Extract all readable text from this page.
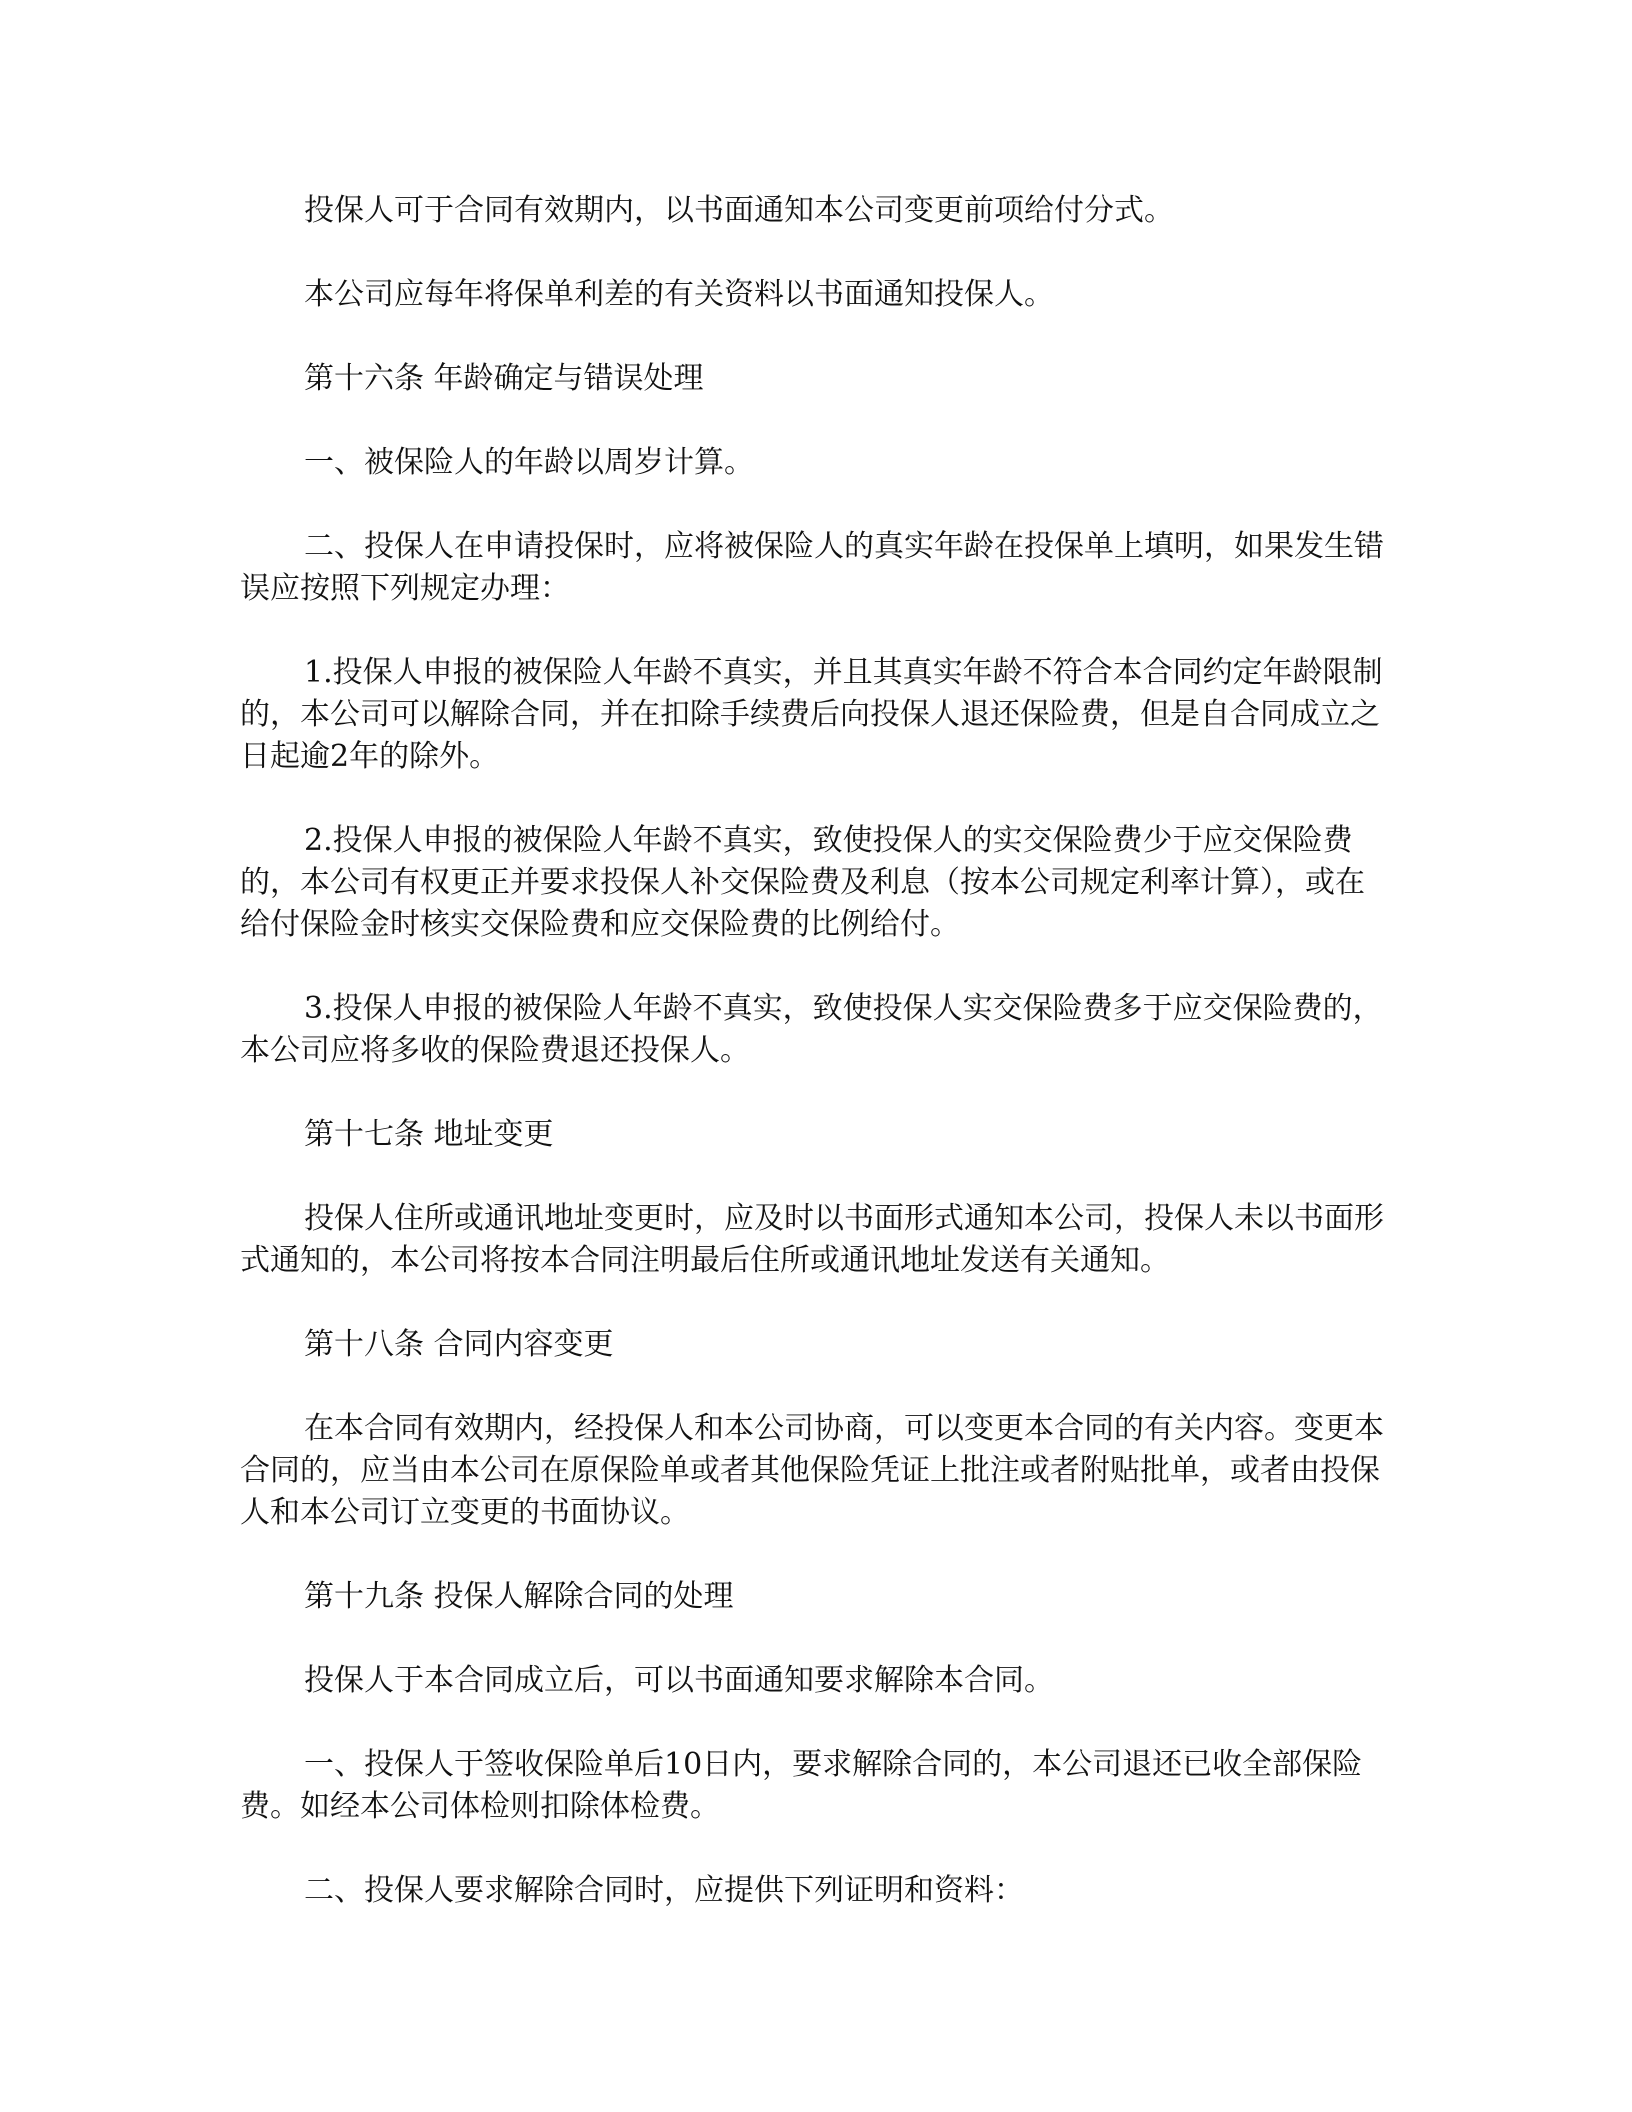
投保人可于合同有效期内，以书面通知本公司变更前项给付分式。

本公司应每年将保单利差的有关资料以书面通知投保人。

第十六条 年龄确定与错误处理

一、被保险人的年龄以周岁计算。

二、投保人在申请投保时，应将被保险人的真实年龄在投保单上填明，如果发生错误应按照下列规定办理：

1.投保人申报的被保险人年龄不真实，并且其真实年龄不符合本合同约定年龄限制的，本公司可以解除合同，并在扣除手续费后向投保人退还保险费，但是自合同成立之日起逾2年的除外。

2.投保人申报的被保险人年龄不真实，致使投保人的实交保险费少于应交保险费的，本公司有权更正并要求投保人补交保险费及利息（按本公司规定利率计算），或在给付保险金时核实交保险费和应交保险费的比例给付。

3.投保人申报的被保险人年龄不真实，致使投保人实交保险费多于应交保险费的，本公司应将多收的保险费退还投保人。

第十七条 地址变更

投保人住所或通讯地址变更时，应及时以书面形式通知本公司，投保人未以书面形式通知的，本公司将按本合同注明最后住所或通讯地址发送有关通知。

第十八条 合同内容变更

在本合同有效期内，经投保人和本公司协商，可以变更本合同的有关内容。变更本合同的，应当由本公司在原保险单或者其他保险凭证上批注或者附贴批单，或者由投保人和本公司订立变更的书面协议。

第十九条 投保人解除合同的处理

投保人于本合同成立后，可以书面通知要求解除本合同。

一、投保人于签收保险单后10日内，要求解除合同的，本公司退还已收全部保险费。如经本公司体检则扣除体检费。

二、投保人要求解除合同时，应提供下列证明和资料：
